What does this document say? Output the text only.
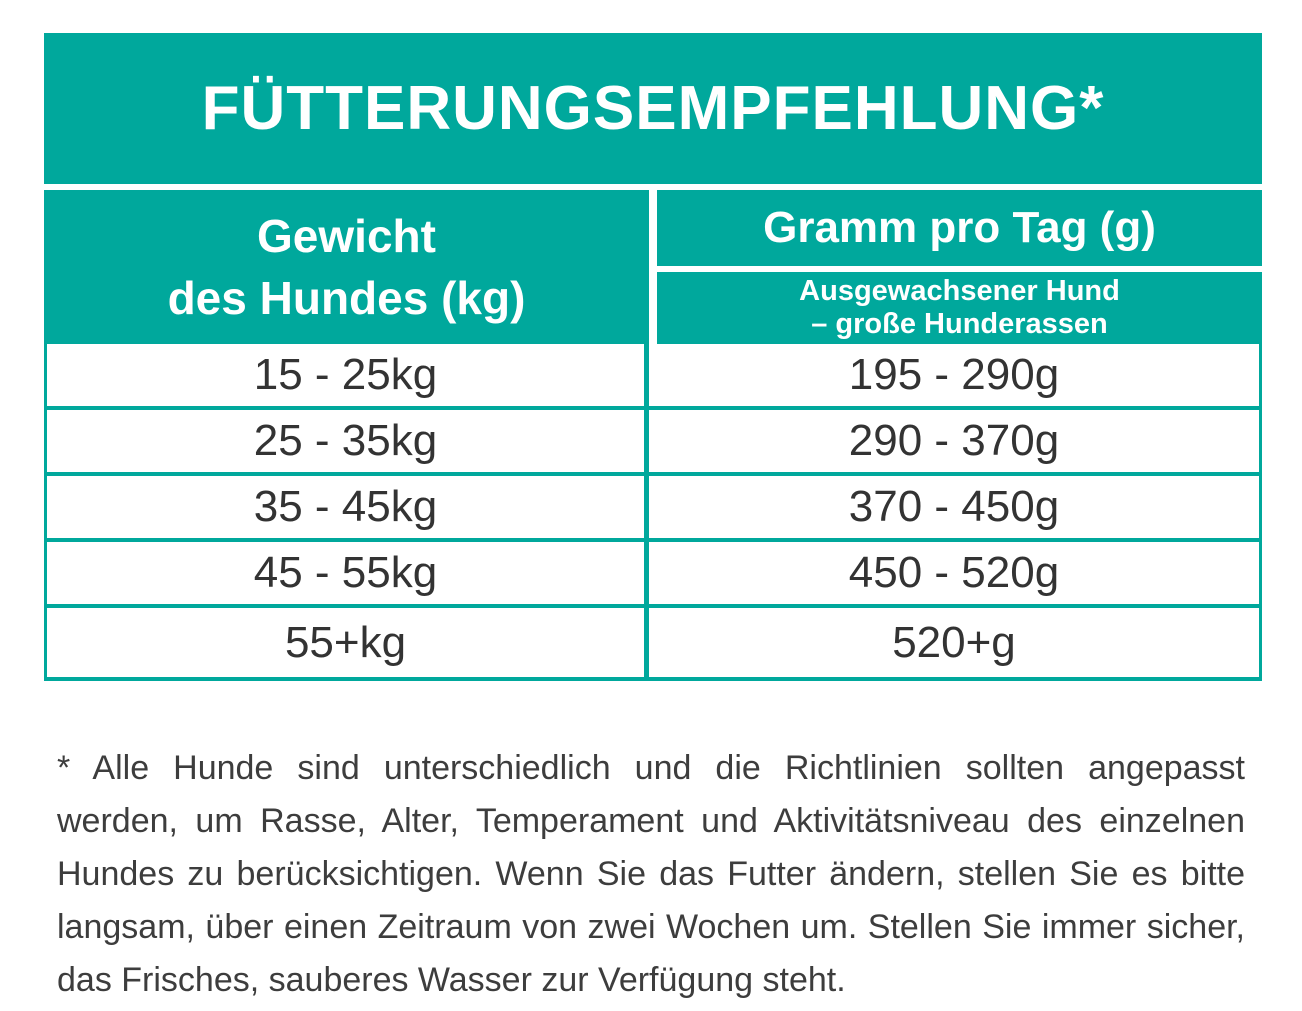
FÜTTERUNGSEMPFEHLUNG*
Gewicht
des Hundes (kg)
Gramm pro Tag (g)
Ausgewachsener Hund
– große Hunderassen
15 - 25kg	195 - 290g
25 - 35kg	290 - 370g
35 - 45kg	370 - 450g
45 - 55kg	450 - 520g
55+kg	520+g
* Alle Hunde sind unterschiedlich und die Richtlinien sollten angepasst
werden, um Rasse, Alter, Temperament und Aktivitätsniveau des einzelnen
Hundes zu berücksichtigen. Wenn Sie das Futter ändern, stellen Sie es bitte
langsam, über einen Zeitraum von zwei Wochen um. Stellen Sie immer sicher,
das Frisches, sauberes Wasser zur Verfügung steht.
